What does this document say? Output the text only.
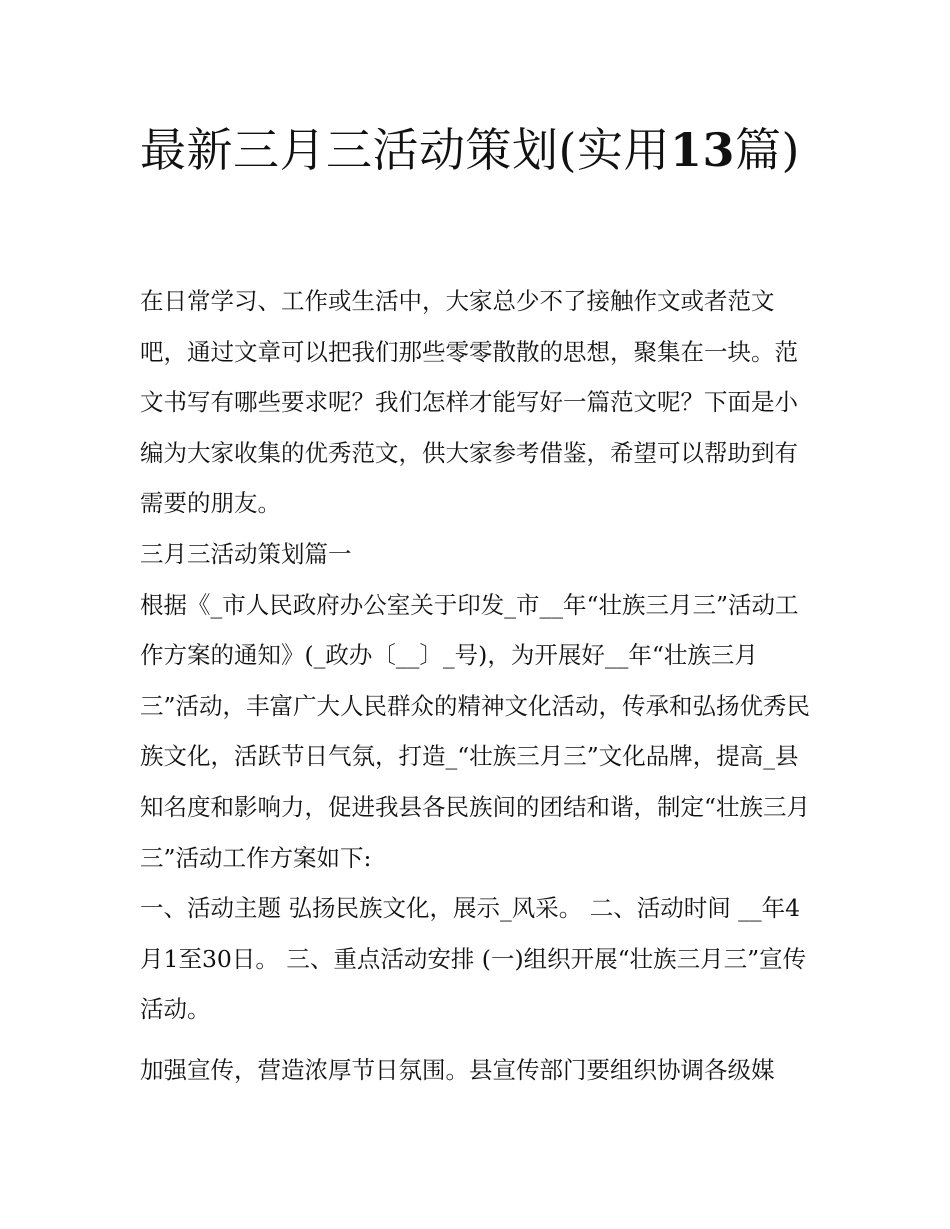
最新三月三活动策划(实用13篇)

在日常学习、工作或生活中，大家总少不了接触作文或者范文吧，通过文章可以把我们那些零零散散的思想，聚集在一块。范文书写有哪些要求呢？我们怎样才能写好一篇范文呢？下面是小编为大家收集的优秀范文，供大家参考借鉴，希望可以帮助到有需要的朋友。

三月三活动策划篇一

根据《_市人民政府办公室关于印发_市__年“壮族三月三”活动工作方案的通知》(_政办〔__〕_号)，为开展好__年“壮族三月三”活动，丰富广大人民群众的精神文化活动，传承和弘扬优秀民族文化，活跃节日气氛，打造_“壮族三月三”文化品牌，提高_县知名度和影响力，促进我县各民族间的团结和谐，制定“壮族三月三”活动工作方案如下:

一、活动主题 弘扬民族文化，展示_风采。 二、活动时间 __年4月1至30日。 三、重点活动安排 (一)组织开展“壮族三月三”宣传活动。

加强宣传，营造浓厚节日氛围。县宣传部门要组织协调各级媒
